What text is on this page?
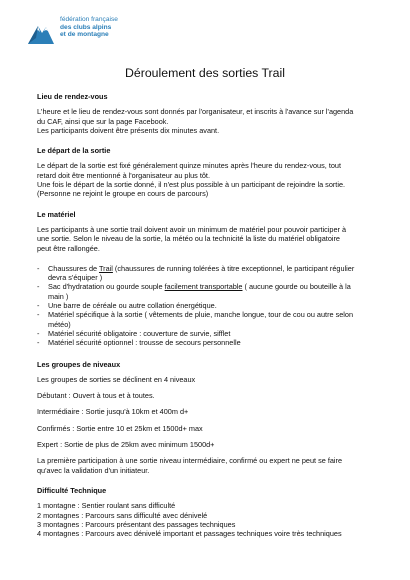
fédération française
des clubs alpins
et de montagne
Déroulement des sorties Trail
Lieu de rendez-vous
L'heure et le lieu de rendez-vous sont donnés par l'organisateur, et inscrits à l'avance sur l'agenda
du CAF, ainsi que sur la page Facebook.
Les participants doivent être présents dix minutes avant.
Le départ de la sortie
Le départ de la sortie est fixé généralement quinze minutes après l'heure du rendez-vous, tout
retard doit être mentionné à l'organisateur au plus tôt.
Une fois le départ de la sortie donné, il n'est plus possible à un participant de rejoindre la sortie.
(Personne ne rejoint le groupe en cours de parcours)
Le matériel
Les participants à une sortie trail doivent avoir un minimum de matériel pour pouvoir participer à
une sortie. Selon le niveau de la sortie, la météo ou la technicité la liste du matériel obligatoire
peut être rallongée.
- Chaussures de Trail (chaussures de running tolérées à titre exceptionnel, le participant régulier
devra s'équiper )
- Sac d'hydratation ou gourde souple facilement transportable ( aucune gourde ou bouteille à la
main )
- Une barre de céréale ou autre collation énergétique.
- Matériel spécifique à la sortie ( vêtements de pluie, manche longue, tour de cou ou autre selon
météo)
- Matériel sécurité obligatoire : couverture de survie, sifflet
- Matériel sécurité optionnel : trousse de secours personnelle
Les groupes de niveaux
Les groupes de sorties se déclinent en 4 niveaux
Débutant : Ouvert à tous et à toutes.
Intermédiaire : Sortie jusqu'à 10km et 400m d+
Confirmés : Sortie entre 10 et 25km et 1500d+ max
Expert : Sortie de plus de 25km avec minimum 1500d+
La première participation à une sortie niveau intermédiaire, confirmé ou expert ne peut se faire
qu'avec la validation d'un initiateur.
Difficulté Technique
1 montagne : Sentier roulant sans difficulté
2 montagnes : Parcours sans difficulté avec dénivelé
3 montagnes : Parcours présentant des passages techniques
4 montagnes : Parcours avec dénivelé important et passages techniques voire très techniques
